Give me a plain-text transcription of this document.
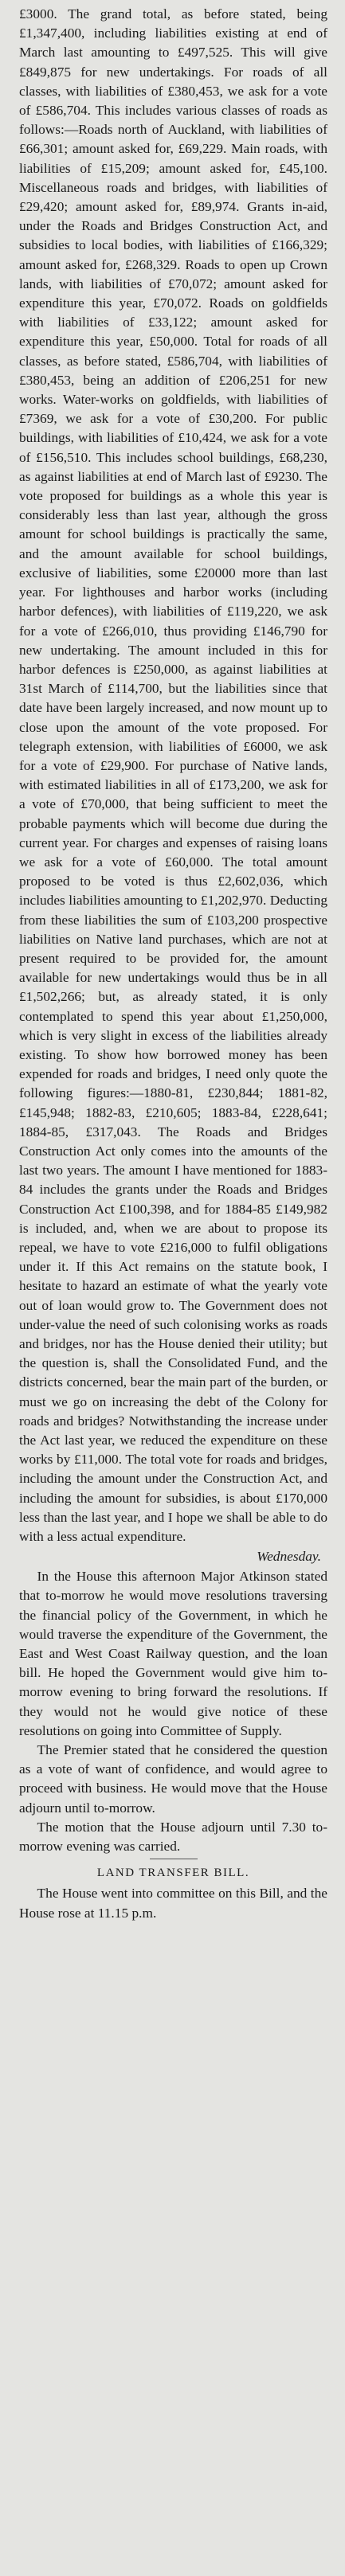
£3000. The grand total, as before stated, being £1,347,400, including liabilities existing at end of March last amounting to £497,525. This will give £849,875 for new undertakings. For roads of all classes, with liabilities of £380,453, we ask for a vote of £586,704. This includes various classes of roads as follows:—Roads north of Auckland, with liabilities of £66,301; amount asked for, £69,229. Main roads, with liabilities of £15,209; amount asked for, £45,100. Miscellaneous roads and bridges, with liabilities of £29,420; amount asked for, £89,974. Grants in-aid, under the Roads and Bridges Construction Act, and subsidies to local bodies, with liabilities of £166,329; amount asked for, £268,329. Roads to open up Crown lands, with liabilities of £70,072; amount asked for expenditure this year, £70,072. Roads on goldfields with liabilities of £33,122; amount asked for expenditure this year, £50,000. Total for roads of all classes, as before stated, £586,704, with liabilities of £380,453, being an addition of £206,251 for new works. Water-works on goldfields, with liabilities of £7369, we ask for a vote of £30,200. For public buildings, with liabilities of £10,424, we ask for a vote of £156,510. This includes school buildings, £68,230, as against liabilities at end of March last of £9230. The vote proposed for buildings as a whole this year is considerably less than last year, although the gross amount for school buildings is practically the same, and the amount available for school buildings, exclusive of liabilities, some £20000 more than last year. For lighthouses and harbor works (including harbor defences), with liabilities of £119,220, we ask for a vote of £266,010, thus providing £146,790 for new undertaking. The amount included in this for harbor defences is £250,000, as against liabilities at 31st March of £114,700, but the liabilities since that date have been largely increased, and now mount up to close upon the amount of the vote proposed. For telegraph extension, with liabilities of £6000, we ask for a vote of £29,900. For purchase of Native lands, with estimated liabilities in all of £173,200, we ask for a vote of £70,000, that being sufficient to meet the probable payments which will become due during the current year. For charges and expenses of raising loans we ask for a vote of £60,000. The total amount proposed to be voted is thus £2,602,036, which includes liabilities amounting to £1,202,970. Deducting from these liabilities the sum of £103,200 prospective liabilities on Native land purchases, which are not at present required to be provided for, the amount available for new undertakings would thus be in all £1,502,266; but, as already stated, it is only contemplated to spend this year about £1,250,000, which is very slight in excess of the liabilities already existing. To show how borrowed money has been expended for roads and bridges, I need only quote the following figures:—1880-81, £230,844; 1881-82, £145,948; 1882-83, £210,605; 1883-84, £228,641; 1884-85, £317,043. The Roads and Bridges Construction Act only comes into the amounts of the last two years. The amount I have mentioned for 1883-84 includes the grants under the Roads and Bridges Construction Act £100,398, and for 1884-85 £149,982 is included, and, when we are about to propose its repeal, we have to vote £216,000 to fulfil obligations under it. If this Act remains on the statute book, I hesitate to hazard an estimate of what the yearly vote out of loan would grow to. The Government does not under-value the need of such colonising works as roads and bridges, nor has the House denied their utility; but the question is, shall the Consolidated Fund, and the districts concerned, bear the main part of the burden, or must we go on increasing the debt of the Colony for roads and bridges? Notwithstanding the increase under the Act last year, we reduced the expenditure on these works by £11,000. The total vote for roads and bridges, including the amount under the Construction Act, and including the amount for subsidies, is about £170,000 less than the last year, and I hope we shall be able to do with a less actual expenditure.

Wednesday.

In the House this afternoon Major Atkinson stated that to-morrow he would move resolutions traversing the financial policy of the Government, in which he would traverse the expenditure of the Government, the East and West Coast Railway question, and the loan bill. He hoped the Government would give him to-morrow evening to bring forward the resolutions. If they would not he would give notice of these resolutions on going into Committee of Supply.

The Premier stated that he considered the question as a vote of want of confidence, and would agree to proceed with business. He would move that the House adjourn until to-morrow.

The motion that the House adjourn until 7.30 to-morrow evening was carried.

LAND TRANSFER BILL.

The House went into committee on this Bill, and the House rose at 11.15 p.m.
